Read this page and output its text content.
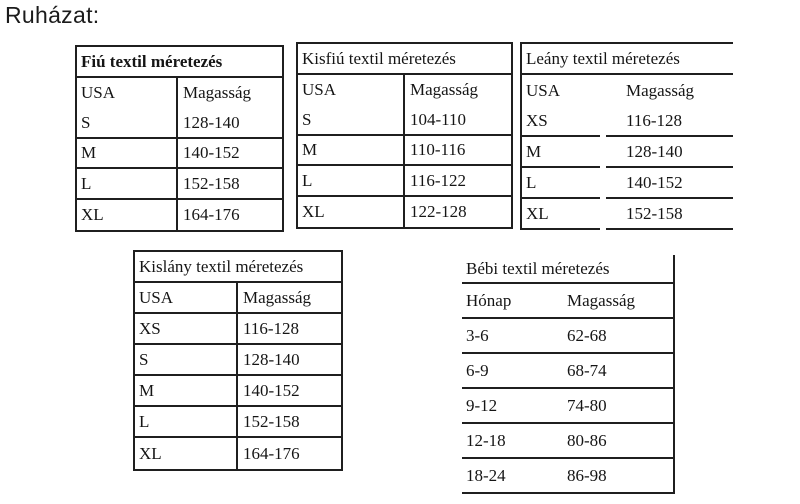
Ruházat:
Fiú textil méretezés
USA	Magasság
S	128-140
M	140-152
L	152-158
XL	164-176
Kisfiú textil méretezés
USA	Magasság
S	104-110
M	110-116
L	116-122
XL	122-128
Leány textil méretezés
USA	Magasság
XS	116-128
M	128-140
L	140-152
XL	152-158
Kislány textil méretezés
USA	Magasság
XS	116-128
S	128-140
M	140-152
L	152-158
XL	164-176
Bébi textil méretezés
Hónap	Magasság
3-6	62-68
6-9	68-74
9-12	74-80
12-18	80-86
18-24	86-98
